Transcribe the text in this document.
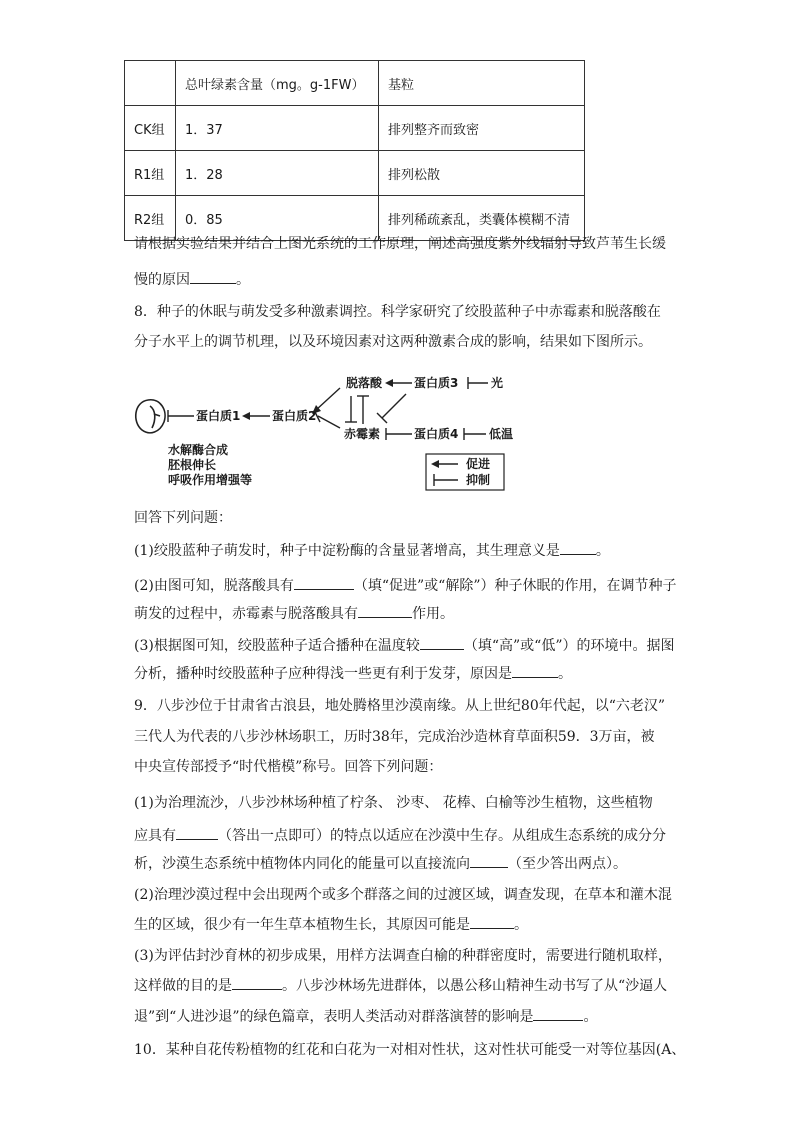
	总叶绿素含量（mg。g-1FW）	基粒
CK组	1．37	排列整齐而致密
R1组	1．28	排列松散
R2组	0．85	排列稀疏紊乱，类囊体模糊不清
请根据实验结果并结合上图光系统的工作原理，阐述高强度紫外线辐射导致芦苇生长缓
慢的原因	。
8．种子的休眠与萌发受多种激素调控。科学家研究了绞股蓝种子中赤霉素和脱落酸在
分子水平上的调节机理，以及环境因素对这两种激素合成的影响，结果如下图所示。
脱落酸	蛋白质3	光
蛋白质1	蛋白质2
赤霉素	蛋白质4	低温
水解酶合成
胚根伸长
呼吸作用增强等
促进
抑制
回答下列问题：
(1)绞股蓝种子萌发时，种子中淀粉酶的含量显著增高，其生理意义是	。
(2)由图可知，脱落酸具有	（填“促进”或“解除”）种子休眠的作用，在调节种子
萌发的过程中，赤霉素与脱落酸具有	作用。
(3)根据图可知，绞股蓝种子适合播种在温度较	（填“高”或“低”）的环境中。据图
分析，播种时绞股蓝种子应种得浅一些更有利于发芽，原因是	。
9．八步沙位于甘肃省古浪县，地处腾格里沙漠南缘。从上世纪80年代起，以“六老汉”
三代人为代表的八步沙林场职工，历时38年，完成治沙造林育草面积59．3万亩，被
中央宣传部授予“时代楷模”称号。回答下列问题：
(1)为治理流沙，八步沙林场种植了柠条、 沙枣、 花棒、白榆等沙生植物，这些植物
应具有	（答出一点即可）的特点以适应在沙漠中生存。从组成生态系统的成分分
析，沙漠生态系统中植物体内同化的能量可以直接流向	（至少答出两点）。
(2)治理沙漠过程中会出现两个或多个群落之间的过渡区域，调查发现，在草本和灌木混
生的区域，很少有一年生草本植物生长，其原因可能是	。
(3)为评估封沙育林的初步成果，用样方法调查白榆的种群密度时，需要进行随机取样，
这样做的目的是	。八步沙林场先进群体，以愚公移山精神生动书写了从“沙逼人
退”到“人进沙退”的绿色篇章，表明人类活动对群落演替的影响是	。
10．某种自花传粉植物的红花和白花为一对相对性状，这对性状可能受一对等位基因(A、
